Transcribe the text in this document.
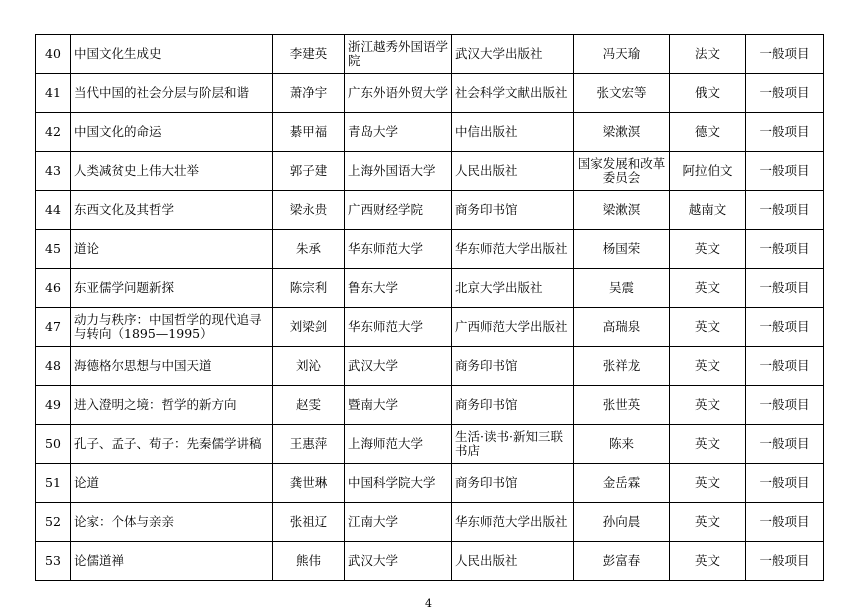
40	中国文化生成史	李建英	浙江越秀外国语学院	武汉大学出版社	冯天瑜	法文	一般项目
41	当代中国的社会分层与阶层和谐	萧净宇	广东外语外贸大学	社会科学文献出版社	张文宏等	俄文	一般项目
42	中国文化的命运	綦甲福	青岛大学	中信出版社	梁漱溟	德文	一般项目
43	人类减贫史上伟大壮举	郭子建	上海外国语大学	人民出版社	国家发展和改革委员会	阿拉伯文	一般项目
44	东西文化及其哲学	梁永贵	广西财经学院	商务印书馆	梁漱溟	越南文	一般项目
45	道论	朱承	华东师范大学	华东师范大学出版社	杨国荣	英文	一般项目
46	东亚儒学问题新探	陈宗利	鲁东大学	北京大学出版社	吴震	英文	一般项目
47	动力与秩序：中国哲学的现代追寻与转向（1895—1995）	刘梁剑	华东师范大学	广西师范大学出版社	高瑞泉	英文	一般项目
48	海德格尔思想与中国天道	刘沁	武汉大学	商务印书馆	张祥龙	英文	一般项目
49	进入澄明之境：哲学的新方向	赵雯	暨南大学	商务印书馆	张世英	英文	一般项目
50	孔子、孟子、荀子：先秦儒学讲稿	王惠萍	上海师范大学	生活·读书·新知三联书店	陈来	英文	一般项目
51	论道	龚世琳	中国科学院大学	商务印书馆	金岳霖	英文	一般项目
52	论家：个体与亲亲	张祖辽	江南大学	华东师范大学出版社	孙向晨	英文	一般项目
53	论儒道禅	熊伟	武汉大学	人民出版社	彭富春	英文	一般项目
4
